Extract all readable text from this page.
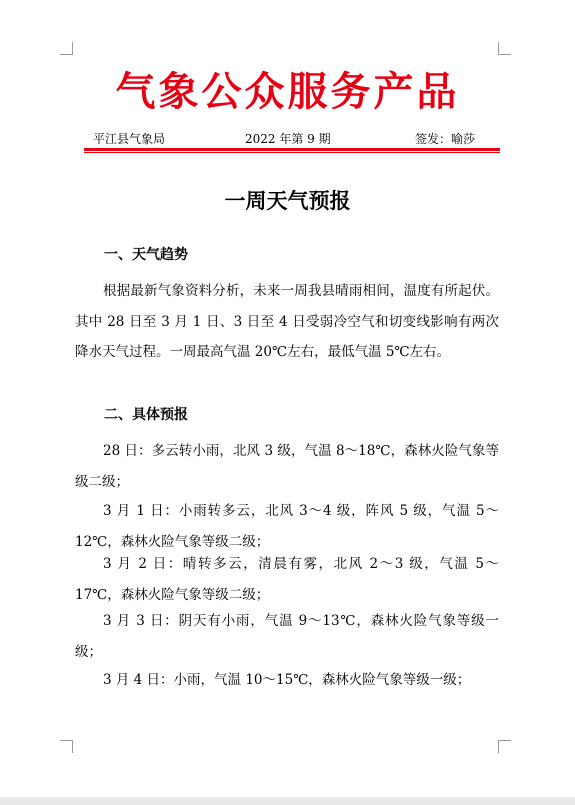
气象公众服务产品
平江县气象局	2022 年第 9 期	签发：喻莎
一周天气预报
一、天气趋势
根据最新气象资料分析，未来一周我县晴雨相间，温度有所起伏。其中 28 日至 3 月 1 日、3 日至 4 日受弱冷空气和切变线影响有两次降水天气过程。一周最高气温 20℃左右，最低气温 5℃左右。
二、具体预报
28 日：多云转小雨，北风 3 级，气温 8～18℃，森林火险气象等级二级；
3 月 1 日：小雨转多云，北风 3～4 级，阵风 5 级，气温 5～12℃，森林火险气象等级二级；
3 月 2 日：晴转多云，清晨有雾，北风 2～3 级，气温 5～17℃，森林火险气象等级二级；
3 月 3 日：阴天有小雨，气温 9～13℃，森林火险气象等级一级；
3 月 4 日：小雨，气温 10～15℃，森林火险气象等级一级；
